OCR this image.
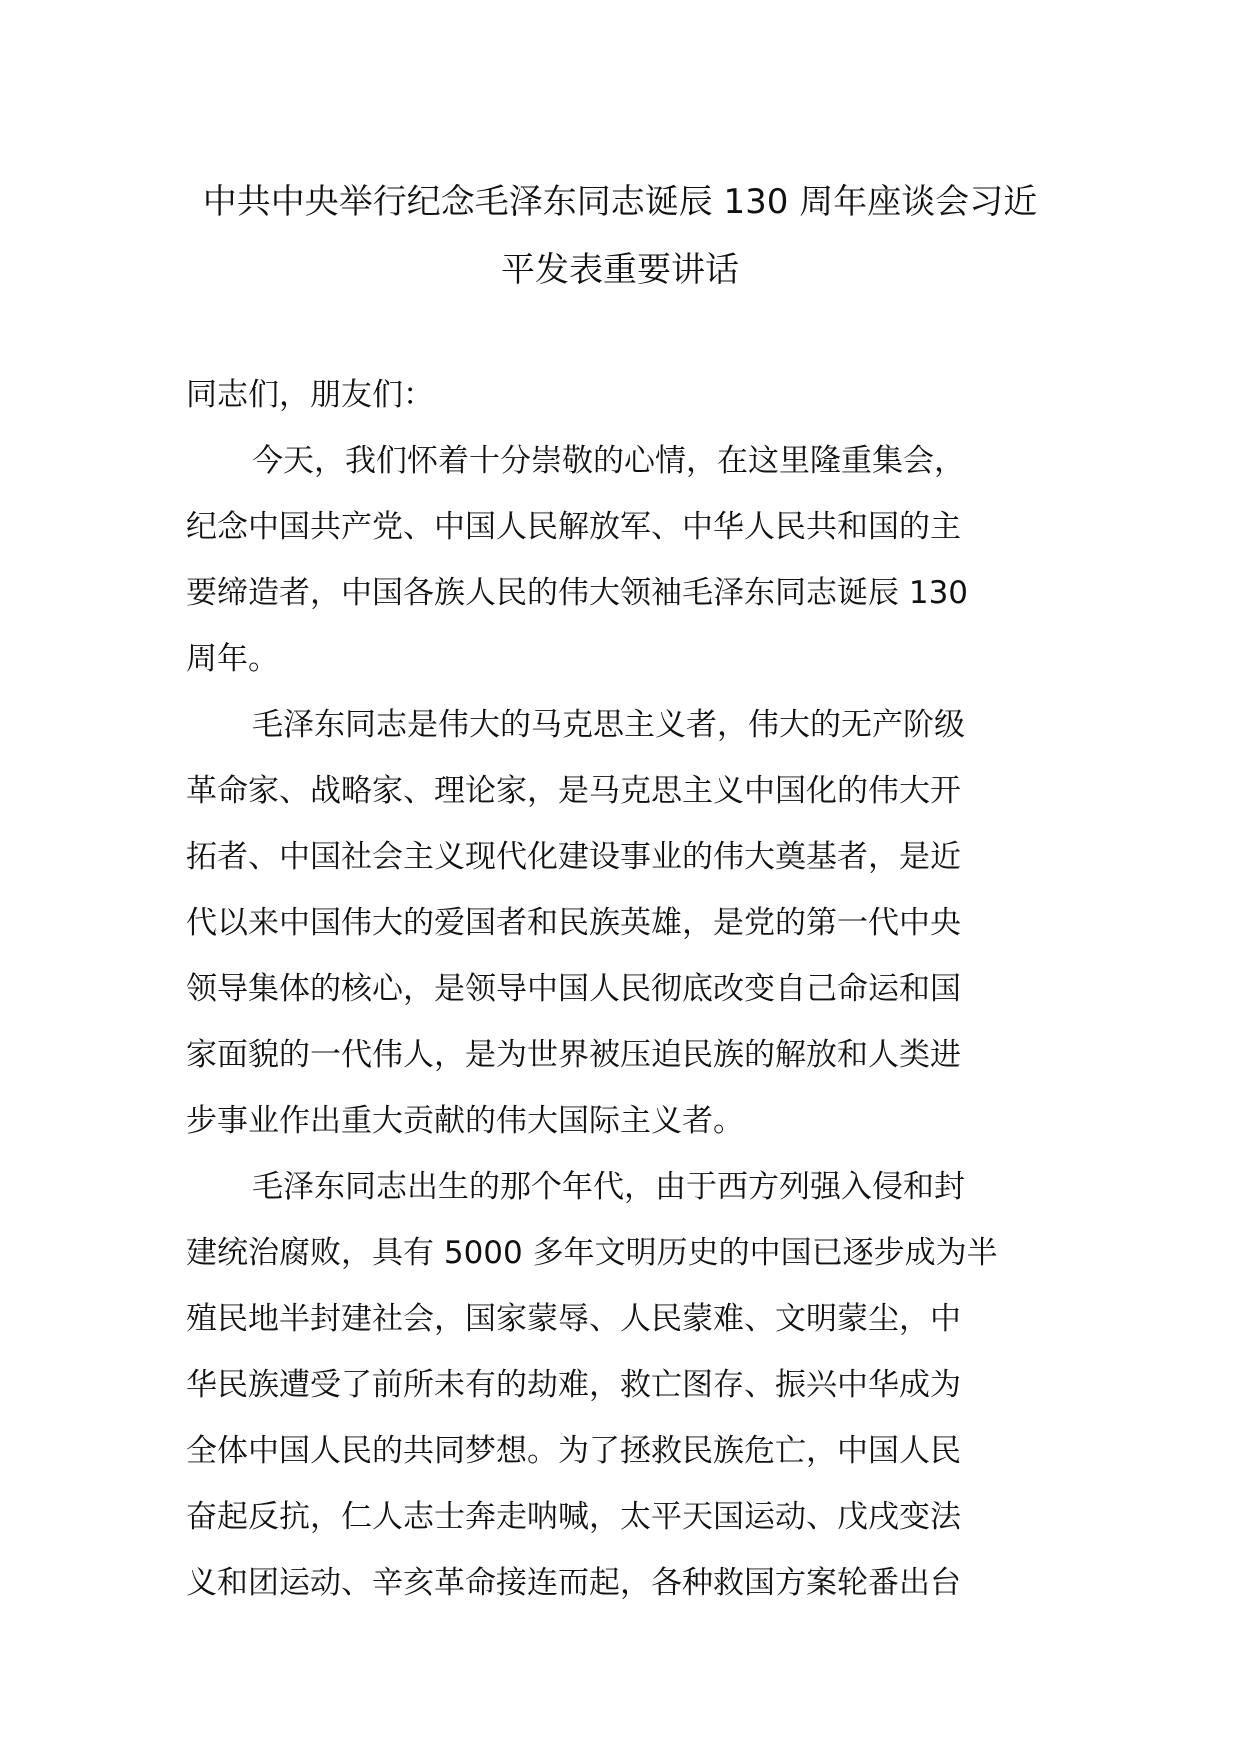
中共中央举行纪念毛泽东同志诞辰 130 周年座谈会习近
平发表重要讲话
同志们，朋友们：
今天，我们怀着十分崇敬的心情，在这里隆重集会，
纪念中国共产党、中国人民解放军、中华人民共和国的主
要缔造者，中国各族人民的伟大领袖毛泽东同志诞辰 130
周年。
毛泽东同志是伟大的马克思主义者，伟大的无产阶级
革命家、战略家、理论家，是马克思主义中国化的伟大开
拓者、中国社会主义现代化建设事业的伟大奠基者，是近
代以来中国伟大的爱国者和民族英雄，是党的第一代中央
领导集体的核心，是领导中国人民彻底改变自己命运和国
家面貌的一代伟人，是为世界被压迫民族的解放和人类进
步事业作出重大贡献的伟大国际主义者。
毛泽东同志出生的那个年代，由于西方列强入侵和封
建统治腐败，具有 5000 多年文明历史的中国已逐步成为半
殖民地半封建社会，国家蒙辱、人民蒙难、文明蒙尘，中
华民族遭受了前所未有的劫难，救亡图存、振兴中华成为
全体中国人民的共同梦想。为了拯救民族危亡，中国人民
奋起反抗，仁人志士奔走呐喊，太平天国运动、戊戌变法
义和团运动、辛亥革命接连而起，各种救国方案轮番出台
